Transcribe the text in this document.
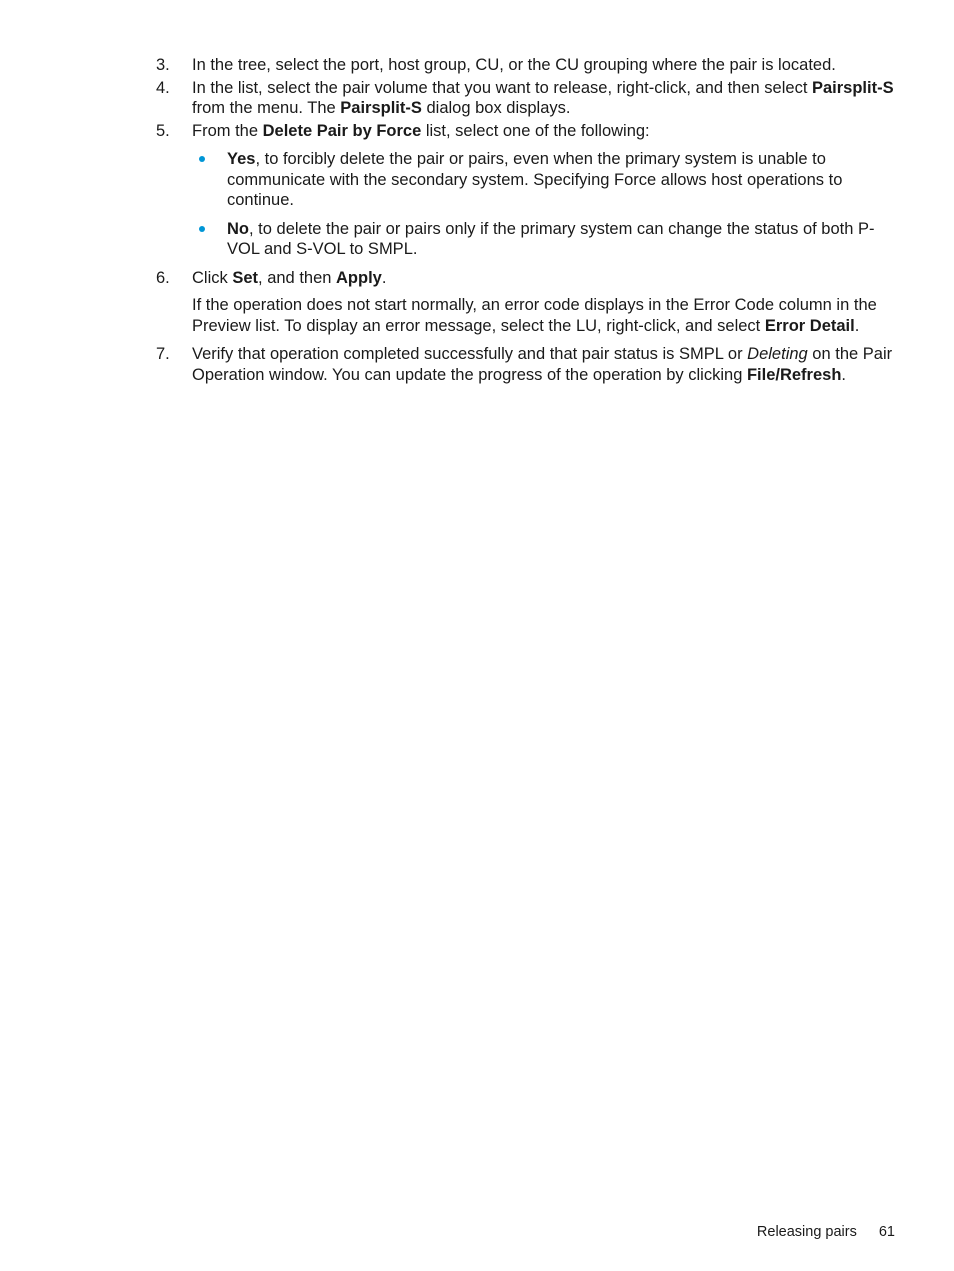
3.	In the tree, select the port, host group, CU, or the CU grouping where the pair is located.
4.	In the list, select the pair volume that you want to release, right-click, and then select Pairsplit-S from the menu. The Pairsplit-S dialog box displays.
5.	From the Delete Pair by Force list, select one of the following:
Yes, to forcibly delete the pair or pairs, even when the primary system is unable to communicate with the secondary system. Specifying Force allows host operations to continue.
No, to delete the pair or pairs only if the primary system can change the status of both P-VOL and S-VOL to SMPL.
6.	Click Set, and then Apply.
If the operation does not start normally, an error code displays in the Error Code column in the Preview list. To display an error message, select the LU, right-click, and select Error Detail.
7.	Verify that operation completed successfully and that pair status is SMPL or Deleting on the Pair Operation window. You can update the progress of the operation by clicking File/Refresh.
Releasing pairs 61
